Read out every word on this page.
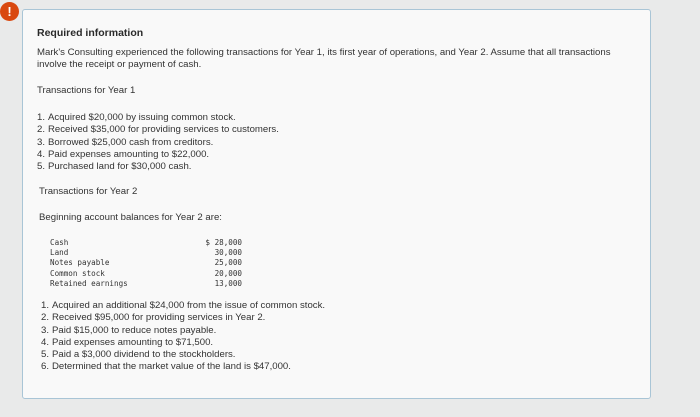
!
Required information
Mark's Consulting experienced the following transactions for Year 1, its first year of operations, and Year 2. Assume that all transactions involve the receipt or payment of cash.
Transactions for Year 1
1. Acquired $20,000 by issuing common stock.
2. Received $35,000 for providing services to customers.
3. Borrowed $25,000 cash from creditors.
4. Paid expenses amounting to $22,000.
5. Purchased land for $30,000 cash.
Transactions for Year 2
Beginning account balances for Year 2 are:
Cash	$ 28,000
Land	30,000
Notes payable	25,000
Common stock	20,000
Retained earnings	13,000
1. Acquired an additional $24,000 from the issue of common stock.
2. Received $95,000 for providing services in Year 2.
3. Paid $15,000 to reduce notes payable.
4. Paid expenses amounting to $71,500.
5. Paid a $3,000 dividend to the stockholders.
6. Determined that the market value of the land is $47,000.
